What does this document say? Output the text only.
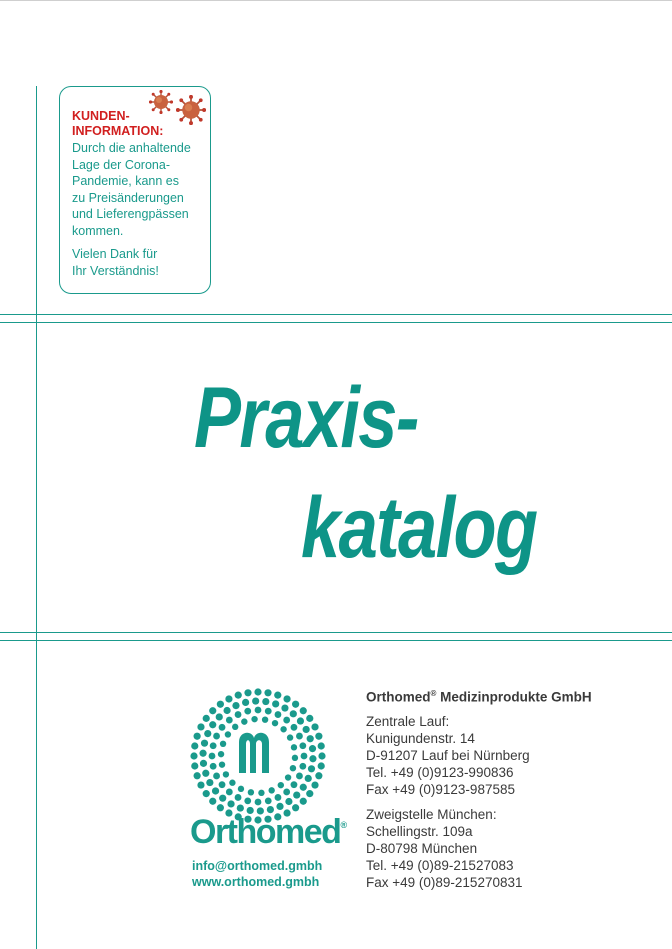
KUNDEN-
INFORMATION:
Durch die anhaltende
Lage der Corona-
Pandemie, kann es
zu Preisänderungen
und Lieferengpässen
kommen.
Vielen Dank für
Ihr Verständnis!
Praxis-
katalog
Orthomed®
info@orthomed.gmbh
www.orthomed.gmbh
Orthomed® Medizinprodukte GmbH
Zentrale Lauf:
Kunigundenstr. 14
D-91207 Lauf bei Nürnberg
Tel. +49 (0)9123-990836
Fax +49 (0)9123-987585
Zweigstelle München:
Schellingstr. 109a
D-80798 München
Tel. +49 (0)89-21527083
Fax +49 (0)89-215270831
